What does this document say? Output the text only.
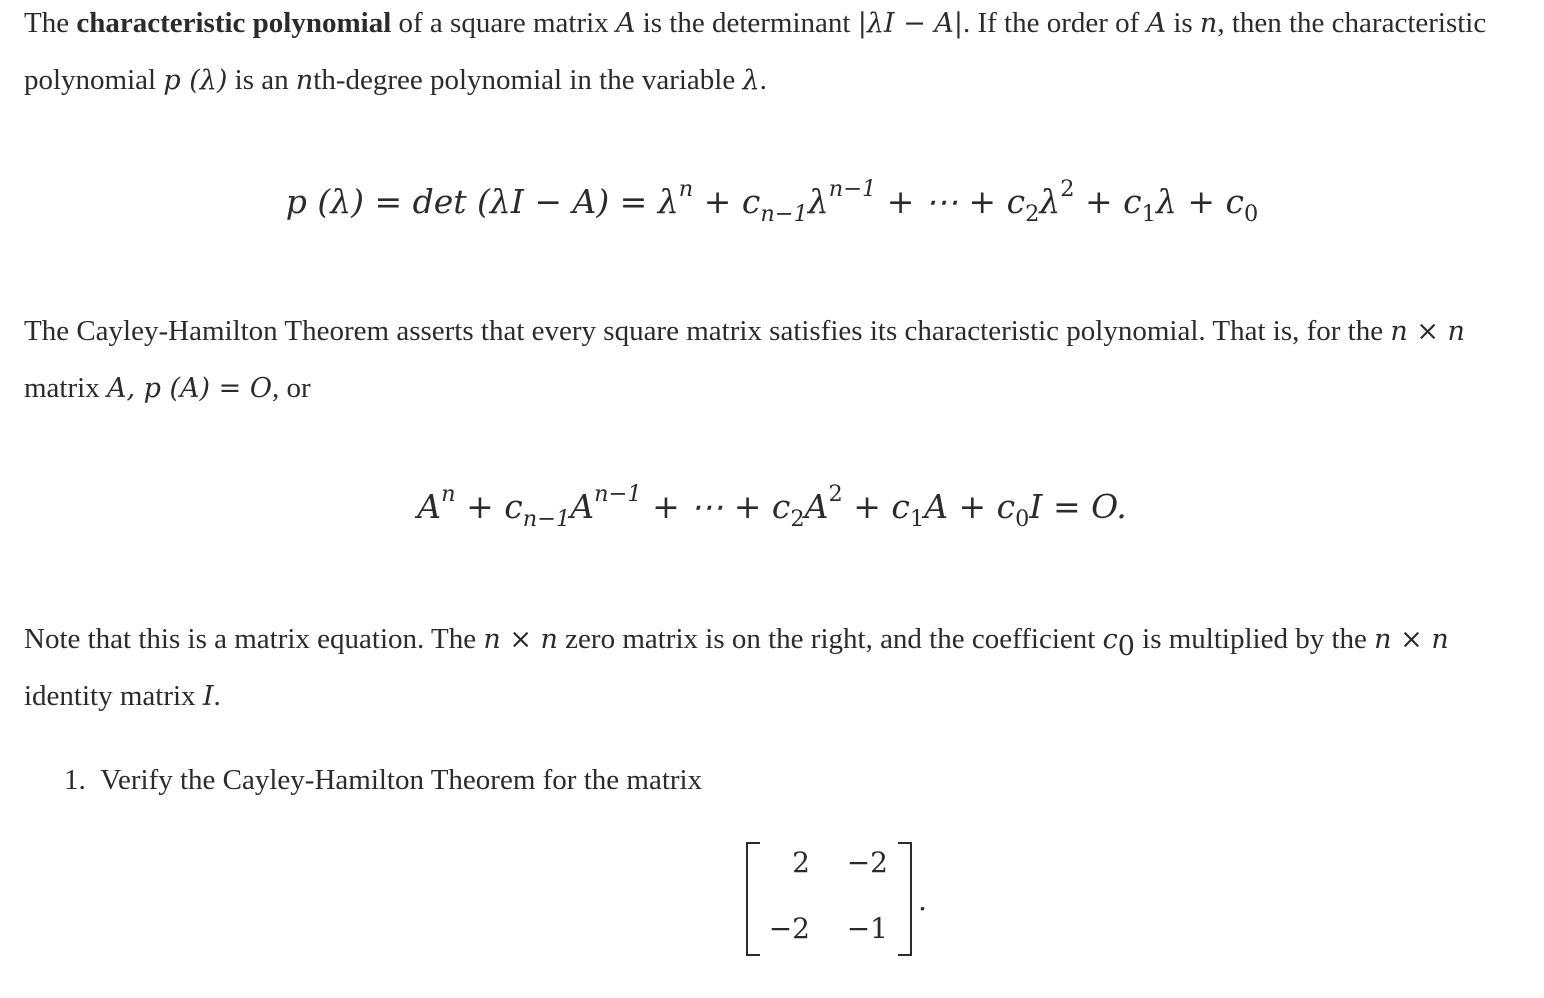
The characteristic polynomial of a square matrix A is the determinant |λI − A|. If the order of A is n, then the characteristic polynomial p (λ) is an nth-degree polynomial in the variable λ.

p $(\lambda) = \det (\lambda I - A) = \lambda^n + c_{n-1}\lambda^{n-1}$ + ⋯ + $c_2\lambda^2 + c_1\lambda + c_0$

The Cayley-Hamilton Theorem asserts that every square matrix satisfies its characteristic polynomial. That is, for the n × n matrix A, p (A) = O, or

$A^n + c_{n-1}A^{n-1}$ + ⋯ + $c_2A^2 + c_1A + c_0I = O$.

Note that this is a matrix equation. The n × n zero matrix is on the right, and the coefficient $c_0$ is multiplied by the n × n identity matrix I.

1. Verify the Cayley-Hamilton Theorem for the matrix

2	−2
−2	−1
.
